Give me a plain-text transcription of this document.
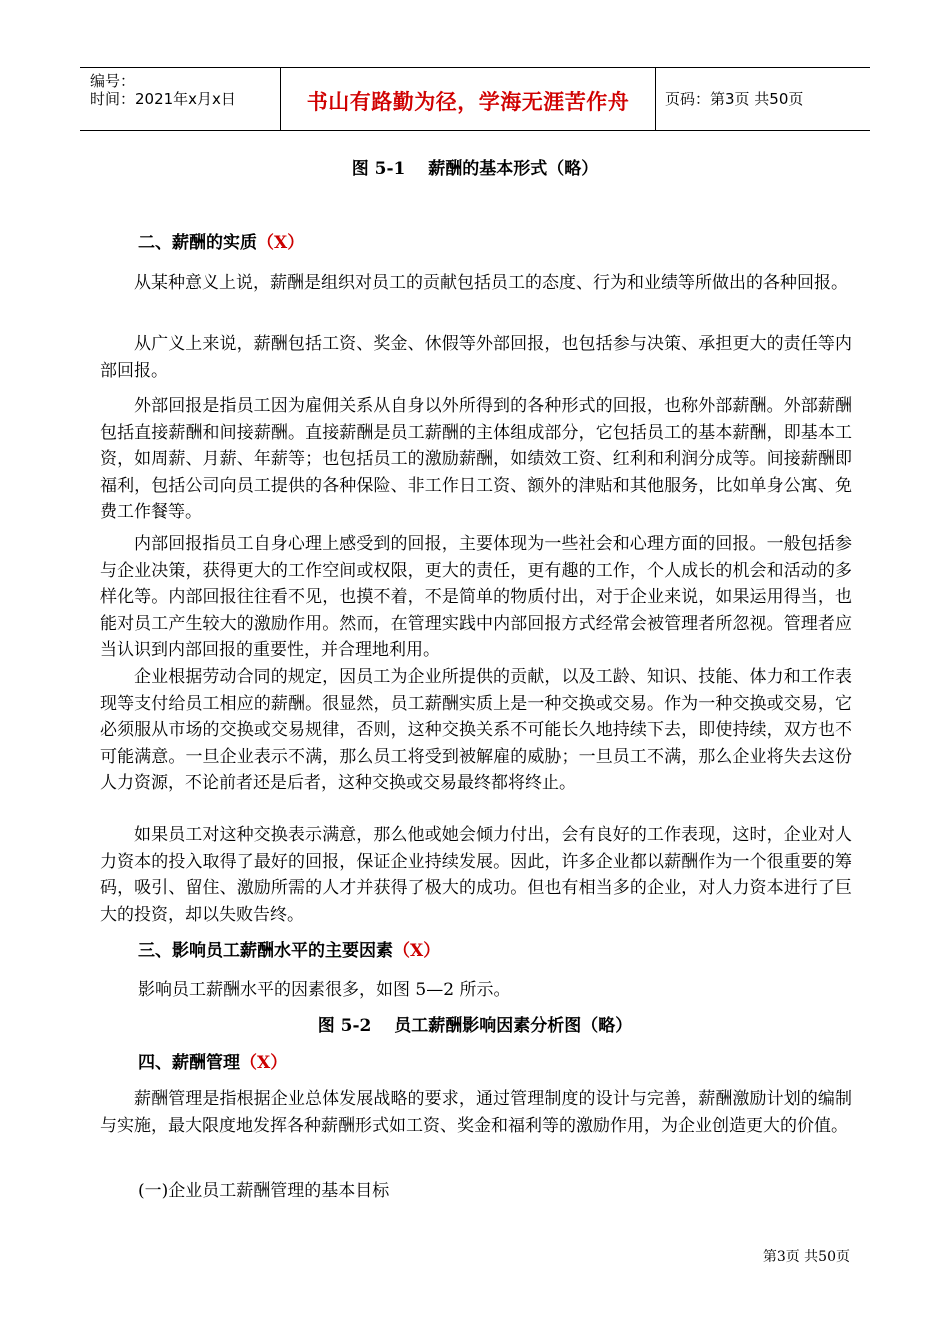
编号：
时间：2021年x月x日	书山有路勤为径，学海无涯苦作舟	页码：第3页 共50页
图 5-1　 薪酬的基本形式（略）
二、薪酬的实质（X）
从某种意义上说，薪酬是组织对员工的贡献包括员工的态度、行为和业绩等所做出的各种回报。
从广义上来说，薪酬包括工资、奖金、休假等外部回报，也包括参与决策、承担更大的责任等内部回报。
外部回报是指员工因为雇佣关系从自身以外所得到的各种形式的回报，也称外部薪酬。外部薪酬包括直接薪酬和间接薪酬。直接薪酬是员工薪酬的主体组成部分，它包括员工的基本薪酬，即基本工资，如周薪、月薪、年薪等；也包括员工的激励薪酬，如绩效工资、红利和利润分成等。间接薪酬即福利，包括公司向员工提供的各种保险、非工作日工资、额外的津贴和其他服务，比如单身公寓、免费工作餐等。
内部回报指员工自身心理上感受到的回报，主要体现为一些社会和心理方面的回报。一般包括参与企业决策，获得更大的工作空间或权限，更大的责任，更有趣的工作，个人成长的机会和活动的多样化等。内部回报往往看不见，也摸不着，不是简单的物质付出，对于企业来说，如果运用得当，也能对员工产生较大的激励作用。然而，在管理实践中内部回报方式经常会被管理者所忽视。管理者应当认识到内部回报的重要性，并合理地利用。
企业根据劳动合同的规定，因员工为企业所提供的贡献，以及工龄、知识、技能、体力和工作表现等支付给员工相应的薪酬。很显然，员工薪酬实质上是一种交换或交易。作为一种交换或交易，它必须服从市场的交换或交易规律，否则，这种交换关系不可能长久地持续下去，即使持续，双方也不可能满意。一旦企业表示不满，那么员工将受到被解雇的威胁；一旦员工不满，那么企业将失去这份人力资源，不论前者还是后者，这种交换或交易最终都将终止。
如果员工对这种交换表示满意，那么他或她会倾力付出，会有良好的工作表现，这时，企业对人力资本的投入取得了最好的回报，保证企业持续发展。因此，许多企业都以薪酬作为一个很重要的筹码，吸引、留住、激励所需的人才并获得了极大的成功。但也有相当多的企业，对人力资本进行了巨大的投资，却以失败告终。
三、影响员工薪酬水平的主要因素（X）
影响员工薪酬水平的因素很多，如图 5—2 所示。
图 5-2　 员工薪酬影响因素分析图（略）
四、薪酬管理（X）
薪酬管理是指根据企业总体发展战略的要求，通过管理制度的设计与完善，薪酬激励计划的编制与实施，最大限度地发挥各种薪酬形式如工资、奖金和福利等的激励作用，为企业创造更大的价值。
(一)企业员工薪酬管理的基本目标
第3页 共50页
